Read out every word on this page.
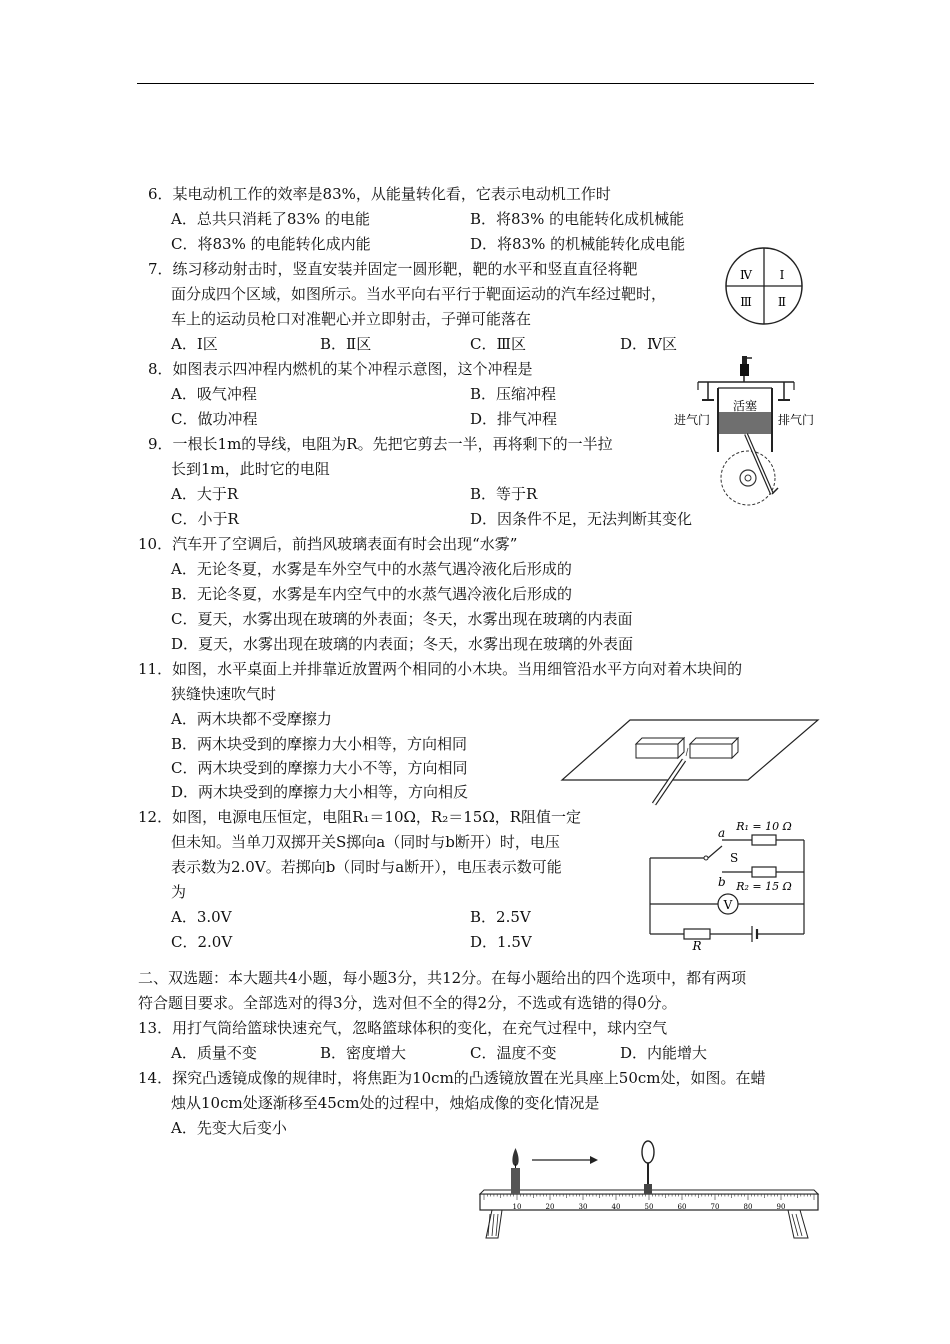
6．某电动机工作的效率是83%，从能量转化看，它表示电动机工作时
A．总共只消耗了83% 的电能	B．将83% 的电能转化成机械能
C．将83% 的电能转化成内能	D．将83% 的机械能转化成电能
7．练习移动射击时，竖直安装并固定一圆形靶，靶的水平和竖直直径将靶
面分成四个区域，如图所示。当水平向右平行于靶面运动的汽车经过靶时，
车上的运动员枪口对准靶心并立即射击，子弹可能落在
A．Ⅰ区	B．Ⅱ区	C．Ⅲ区	D．Ⅳ区
Ⅰ
Ⅱ
Ⅲ
Ⅳ
8．如图表示四冲程内燃机的某个冲程示意图，这个冲程是
A．吸气冲程	B．压缩冲程
C．做功冲程	D．排气冲程
活塞
进气门	排气门
9．一根长1m的导线，电阻为R。先把它剪去一半，再将剩下的一半拉
长到1m，此时它的电阻
A．大于R	B．等于R
C．小于R	D．因条件不足，无法判断其变化
10．汽车开了空调后，前挡风玻璃表面有时会出现“水雾”
A．无论冬夏，水雾是车外空气中的水蒸气遇冷液化后形成的
B．无论冬夏，水雾是车内空气中的水蒸气遇冷液化后形成的
C．夏天，水雾出现在玻璃的外表面；冬天，水雾出现在玻璃的内表面
D．夏天，水雾出现在玻璃的内表面；冬天，水雾出现在玻璃的外表面
11．如图，水平桌面上并排靠近放置两个相同的小木块。当用细管沿水平方向对着木块间的
狭缝快速吹气时
A．两木块都不受摩擦力
B．两木块受到的摩擦力大小相等，方向相同
C．两木块受到的摩擦力大小不等，方向相同
D．两木块受到的摩擦力大小相等，方向相反
12．如图，电源电压恒定，电阻R₁＝10Ω，R₂＝15Ω，R阻值一定
但未知。当单刀双掷开关S掷向a（同时与b断开）时，电压
表示数为2.0V。若掷向b（同时与a断开），电压表示数可能
为
A．3.0V	B．2.5V
C．2.0V	D．1.5V
R₁ = 10 Ω
a
S
b R₂ = 15 Ω
V
R
二、双选题：本大题共4小题，每小题3分，共12分。在每小题给出的四个选项中，都有两项
符合题目要求。全部选对的得3分，选对但不全的得2分，不选或有选错的得0分。
13．用打气筒给篮球快速充气，忽略篮球体积的变化，在充气过程中，球内空气
A．质量不变	B．密度增大	C．温度不变	D．内能增大
14．探究凸透镜成像的规律时，将焦距为10cm的凸透镜放置在光具座上50cm处，如图。在蜡
烛从10cm处逐渐移至45cm处的过程中，烛焰成像的变化情况是
A．先变大后变小
10	20	30	40	50	60	70	80	90
